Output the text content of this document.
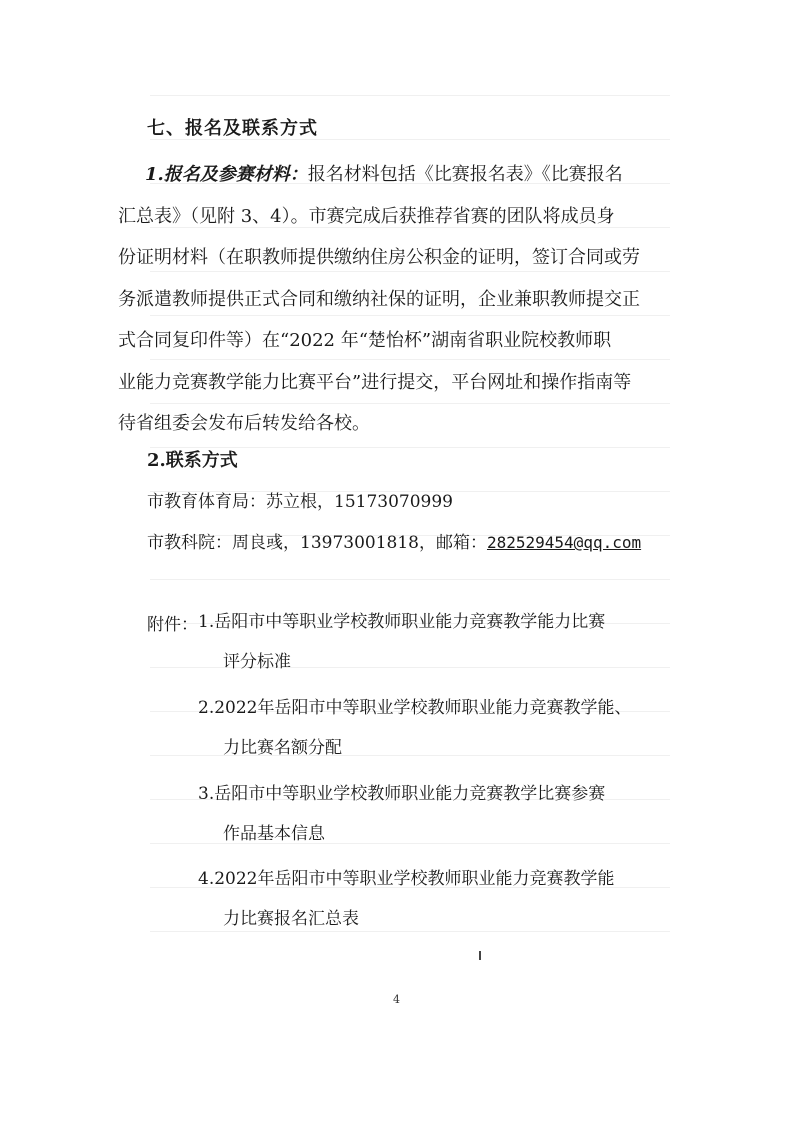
七、报名及联系方式
1.报名及参赛材料：报名材料包括《比赛报名表》《比赛报名
汇总表》（见附 3、4）。市赛完成后获推荐省赛的团队将成员身
份证明材料（在职教师提供缴纳住房公积金的证明，签订合同或劳
务派遣教师提供正式合同和缴纳社保的证明，企业兼职教师提交正
式合同复印件等）在“2022 年“楚怡杯”湖南省职业院校教师职
业能力竞赛教学能力比赛平台”进行提交，平台网址和操作指南等
待省组委会发布后转发给各校。
2.联系方式
市教育体育局：苏立根，15173070999
市教科院：周良彧，13973001818，邮箱：282529454@qq.com
附件： 1.岳阳市中等职业学校教师职业能力竞赛教学能力比赛
评分标准
2.2022年岳阳市中等职业学校教师职业能力竞赛教学能、
力比赛名额分配
3.岳阳市中等职业学校教师职业能力竞赛教学比赛参赛
作品基本信息
4.2022年岳阳市中等职业学校教师职业能力竞赛教学能
力比赛报名汇总表
4
